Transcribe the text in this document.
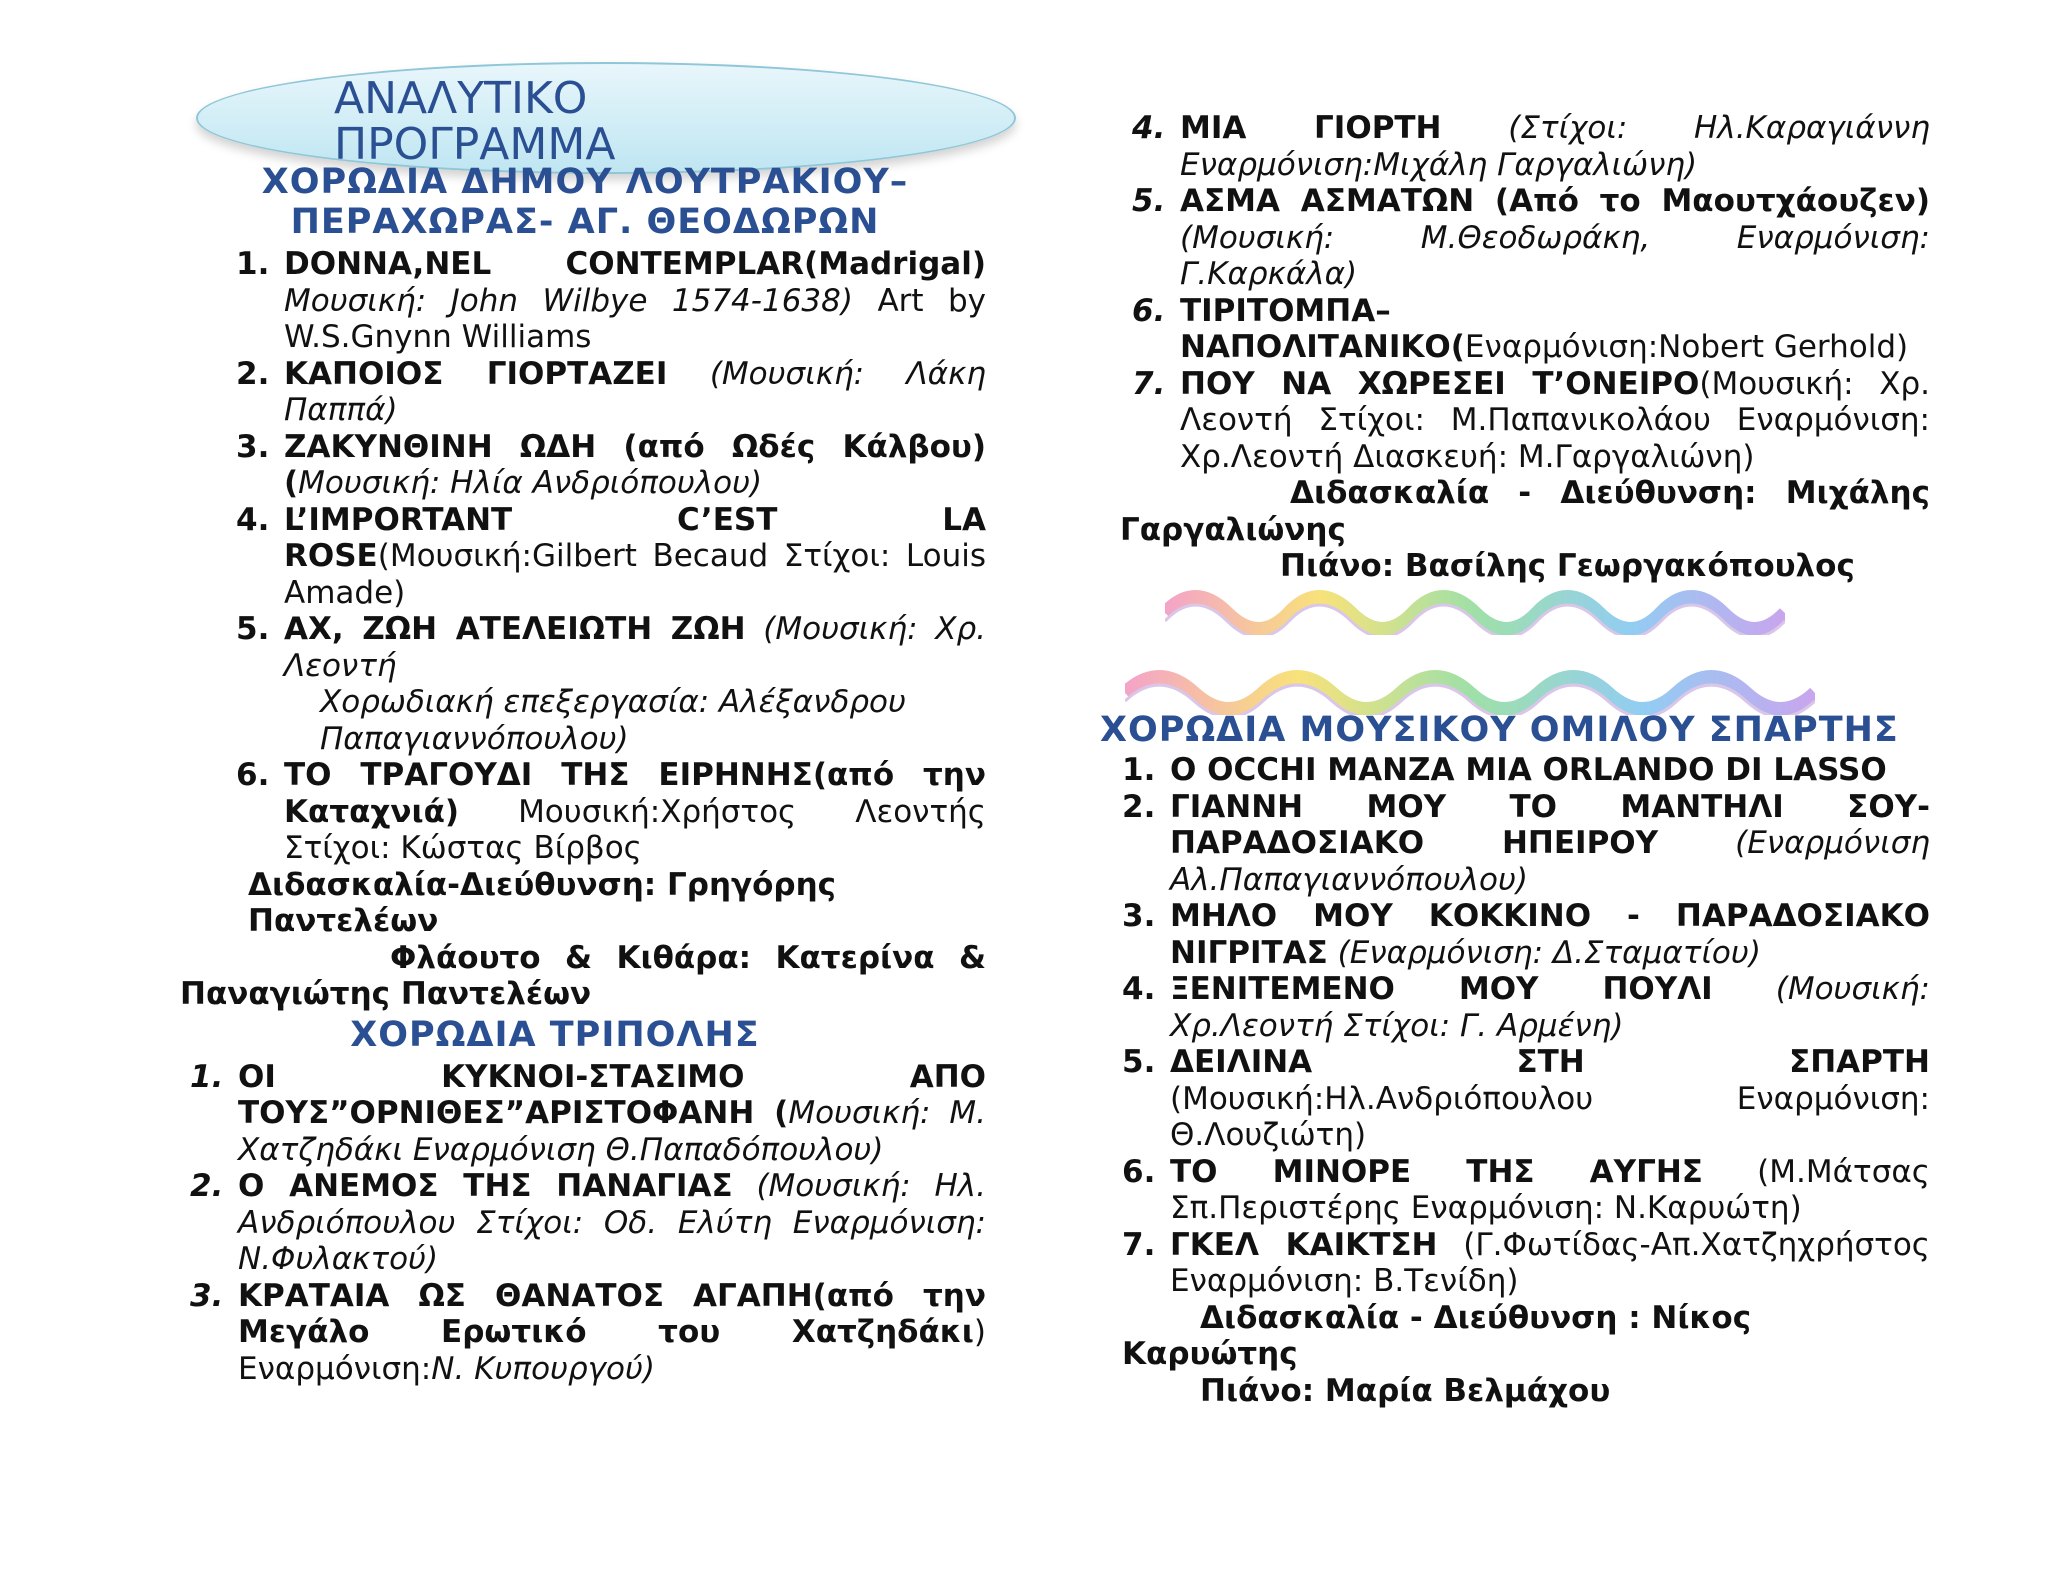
ΑΝΑΛΥΤΙΚΟ ΠΡΟΓΡΑΜΜΑ
ΧΟΡΩΔΙΑ ΔΗΜΟΥ ΛΟΥΤΡΑΚΙΟΥ– ΠΕΡΑΧΩΡΑΣ- ΑΓ. ΘΕΟΔΩΡΩΝ
1. DONNA,NEL CONTEMPLAR(Madrigal) Μουσική: John Wilbye 1574-1638) Art by W.S.Gnynn Williams
2. ΚΑΠΟΙΟΣ ΓΙΟΡΤΑΖΕΙ (Μουσική: Λάκη Παππά)
3. ΖΑΚΥΝΘΙΝΗ ΩΔΗ (από Ωδές Κάλβου) (Μουσική: Ηλία Ανδριόπουλου)
4. L’IMPORTANT C’EST LA ROSE(Μουσική:Gilbert Becaud Στίχοι: Louis Amade)
5. ΑΧ, ΖΩΗ ΑΤΕΛΕΙΩΤΗ ΖΩΗ (Μουσική: Χρ. Λεοντή
Χορωδιακή επεξεργασία: Αλέξανδρου Παπαγιαννόπουλου)
6. ΤΟ ΤΡΑΓΟΥΔΙ ΤΗΣ ΕΙΡΗΝΗΣ(από την Καταχνιά) Μουσική:Χρήστος Λεοντής Στίχοι: Κώστας Βίρβος
Διδασκαλία-Διεύθυνση: Γρηγόρης Παντελέων
Φλάουτο & Κιθάρα: Κατερίνα & Παναγιώτης Παντελέων
ΧΟΡΩΔΙΑ ΤΡΙΠΟΛΗΣ
1. ΟΙ ΚΥΚΝΟΙ-ΣΤΑΣΙΜΟ ΑΠΟ ΤΟΥΣ”ΟΡΝΙΘΕΣ”ΑΡΙΣΤΟΦΑΝΗ (Μουσική: Μ. Χατζηδάκι Εναρμόνιση Θ.Παπαδόπουλου)
2. Ο ΑΝΕΜΟΣ ΤΗΣ ΠΑΝΑΓΙΑΣ (Μουσική: Ηλ. Ανδριόπουλου Στίχοι: Οδ. Ελύτη Εναρμόνιση: Ν.Φυλακτού)
3. ΚΡΑΤΑΙΑ ΩΣ ΘΑΝΑΤΟΣ ΑΓΑΠΗ(από την Μεγάλο Ερωτικό του Χατζηδάκι) Εναρμόνιση:Ν. Κυπουργού)
4. ΜΙΑ ΓΙΟΡΤΗ (Στίχοι: Ηλ.Καραγιάννη Εναρμόνιση:Μιχάλη Γαργαλιώνη)
5. ΑΣΜΑ ΑΣΜΑΤΩΝ (Από το Μαουτχάουζεν) (Μουσική: Μ.Θεοδωράκη, Εναρμόνιση: Γ.Καρκάλα)
6. ΤΙΡΙΤΟΜΠΑ– ΝΑΠΟΛΙΤΑΝΙΚΟ(Εναρμόνιση:Nobert Gerhold)
7. ΠΟΥ ΝΑ ΧΩΡΕΣΕΙ Τ’ΟΝΕΙΡΟ(Μουσική: Χρ. Λεοντή Στίχοι: Μ.Παπανικολάου Εναρμόνιση: Χρ.Λεοντή Διασκευή: Μ.Γαργαλιώνη)
Διδασκαλία - Διεύθυνση: Μιχάλης Γαργαλιώνης
Πιάνο: Βασίλης Γεωργακόπουλος
ΧΟΡΩΔΙΑ ΜΟΥΣΙΚΟΥ ΟΜΙΛΟΥ ΣΠΑΡΤΗΣ
1. O OCCHI MANZA MIA ORLANDO DI LASSO
2. ΓΙΑΝΝΗ ΜΟΥ ΤΟ ΜΑΝΤΗΛΙ ΣΟΥ- ΠΑΡΑΔΟΣΙΑΚΟ ΗΠΕΙΡΟΥ (Εναρμόνιση Αλ.Παπαγιαννόπουλου)
3. ΜΗΛΟ ΜΟΥ ΚΟΚΚΙΝΟ - ΠΑΡΑΔΟΣΙΑΚΟ ΝΙΓΡΙΤΑΣ (Εναρμόνιση: Δ.Σταματίου)
4. ΞΕΝΙΤΕΜΕΝΟ ΜΟΥ ΠΟΥΛΙ (Μουσική: Χρ.Λεοντή Στίχοι: Γ. Αρμένη)
5. ΔΕΙΛΙΝΑ ΣΤΗ ΣΠΑΡΤΗ (Μουσική:Ηλ.Ανδριόπουλου Εναρμόνιση: Θ.Λουζιώτη)
6. ΤΟ ΜΙΝΟΡΕ ΤΗΣ ΑΥΓΗΣ (Μ.Μάτσας Σπ.Περιστέρης Εναρμόνιση: Ν.Καρυώτη)
7. ΓΚΕΛ ΚΑΙΚΤΣΗ (Γ.Φωτίδας-Απ.Χατζηχρήστος Εναρμόνιση: Β.Τενίδη)
Διδασκαλία - Διεύθυνση : Νίκος Καρυώτης
Πιάνο: Μαρία Βελμάχου
